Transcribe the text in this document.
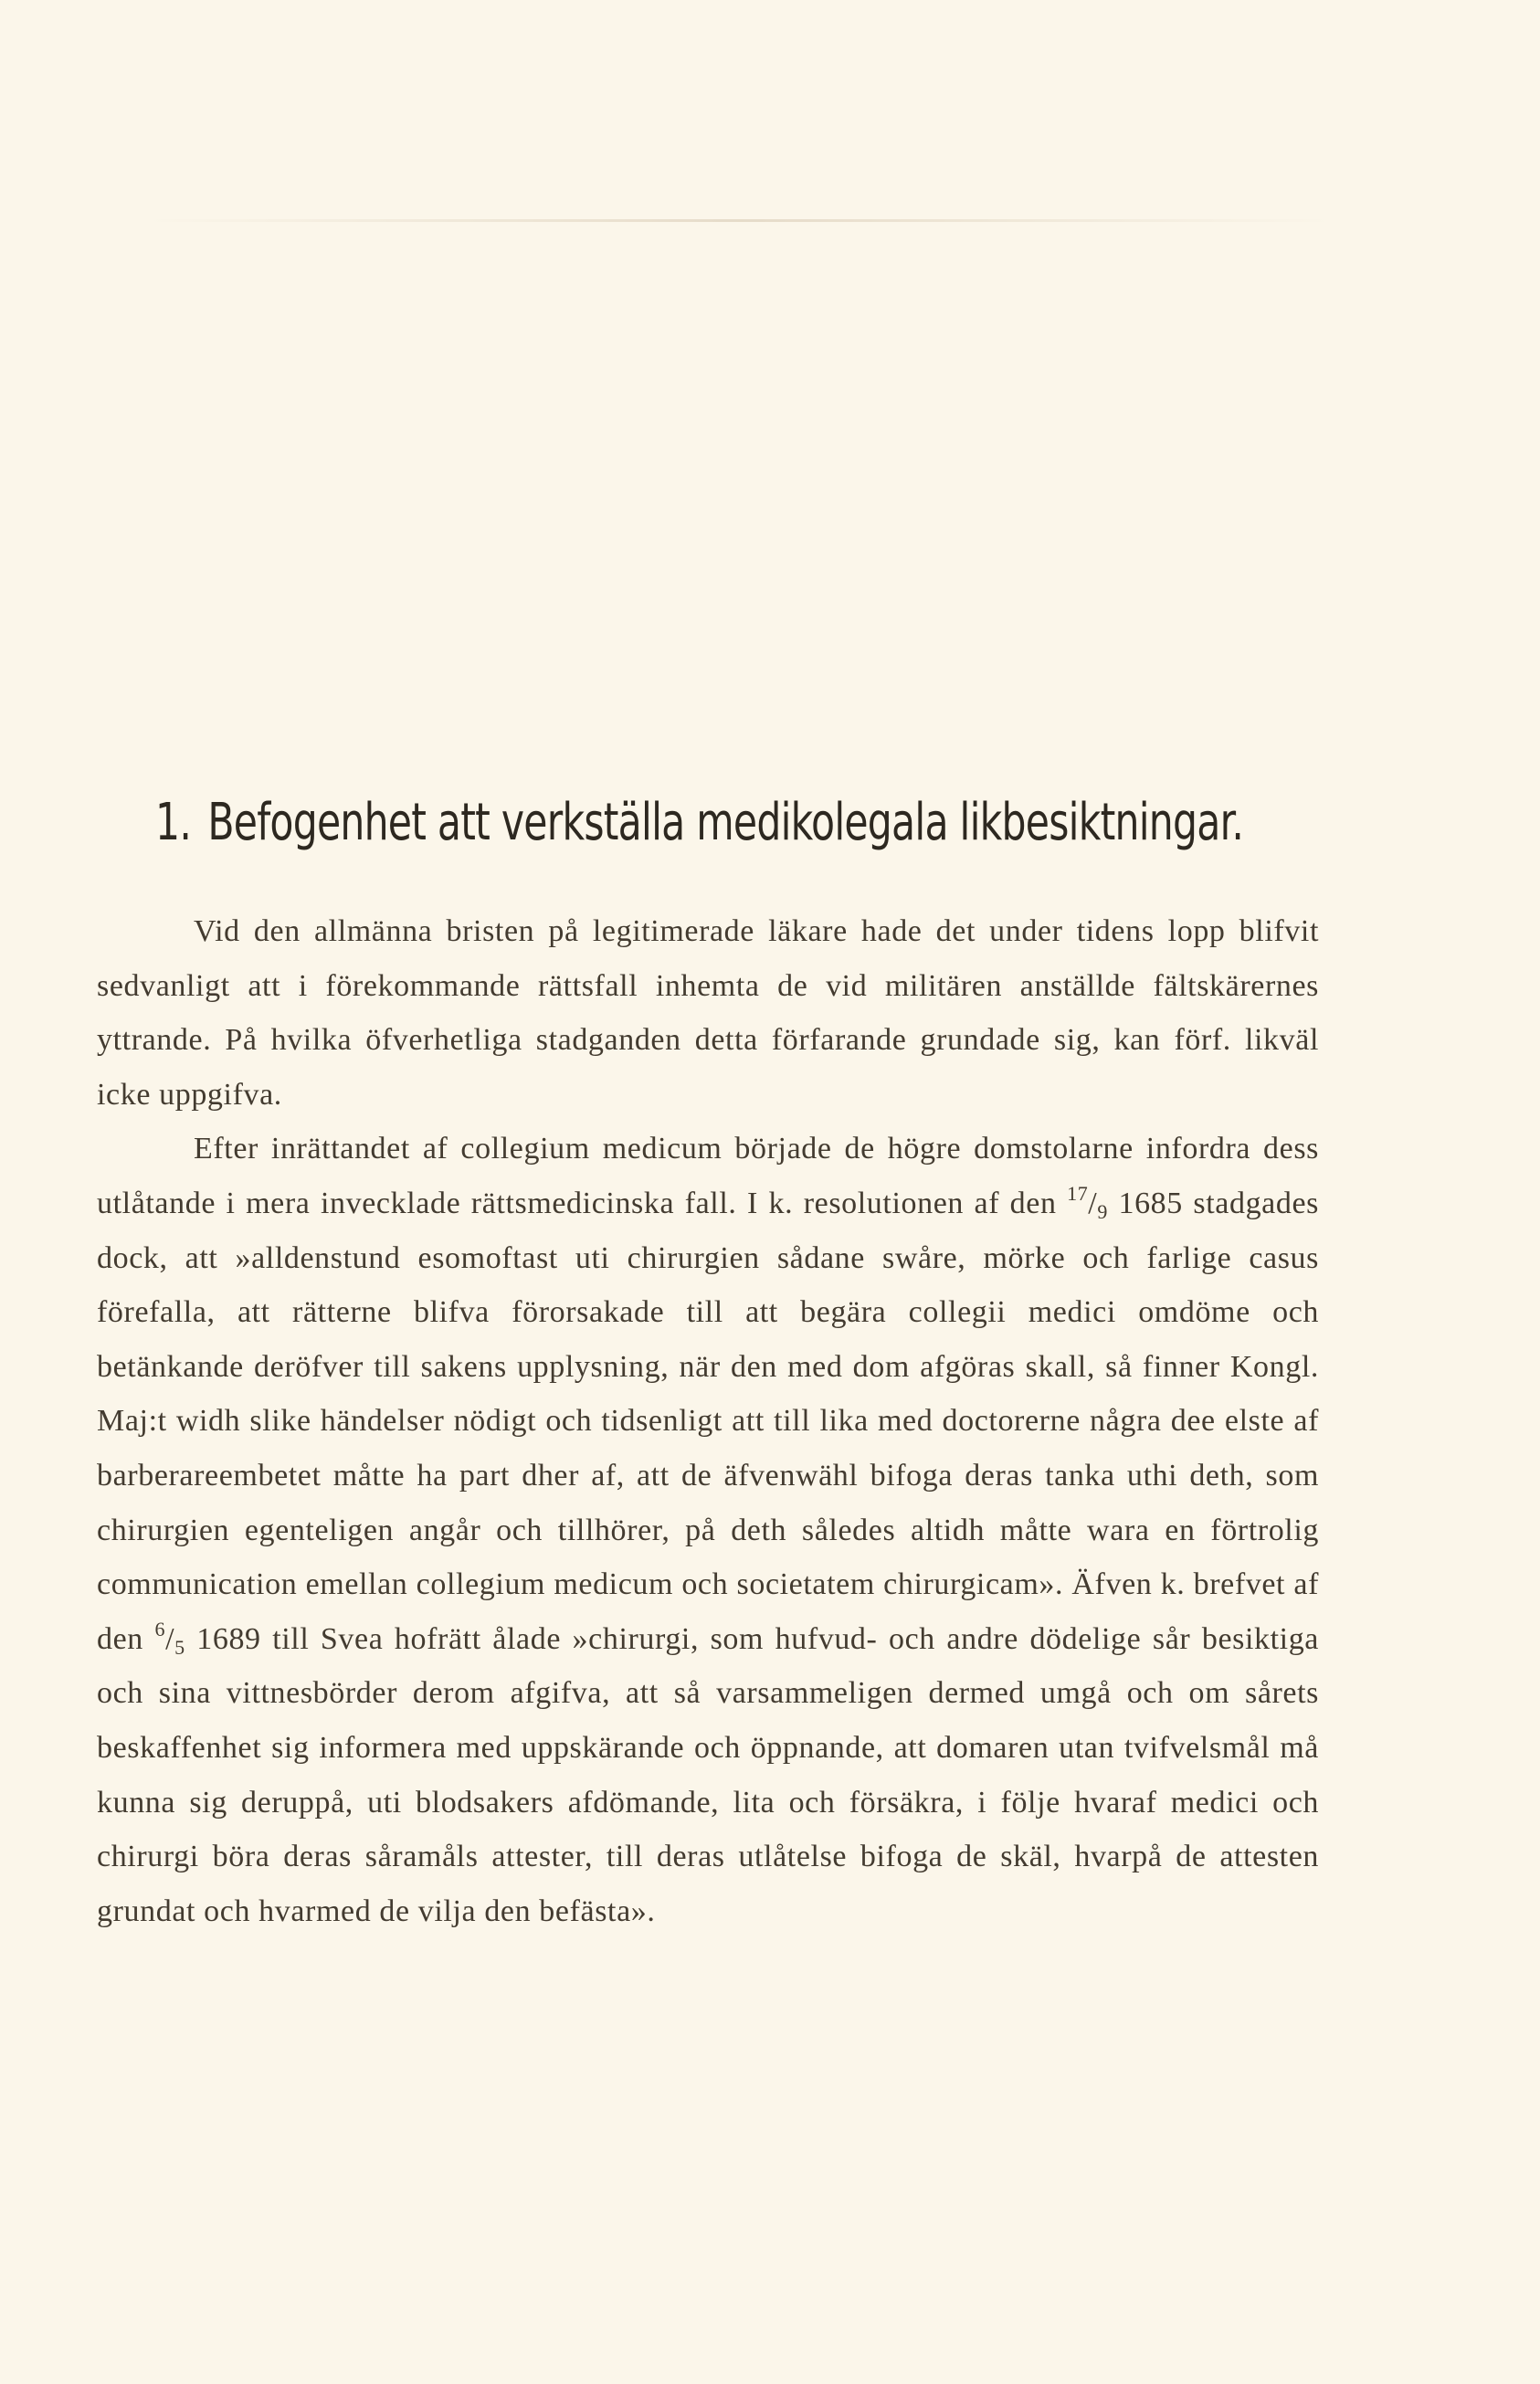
1. Befogenhet att verkställa medikolegala likbesiktningar.

Vid den allmänna bristen på legitimerade läkare hade det under tidens lopp blifvit sedvanligt att i förekommande rättsfall inhemta de vid militären anställde fältskärernes yttrande. På hvilka öfverhetliga stadganden detta förfarande grundade sig, kan förf. likväl icke uppgifva.

Efter inrättandet af collegium medicum började de högre domstolarne infordra dess utlåtande i mera invecklade rättsmedicinska fall. I k. resolutionen af den $^{17}/_9$ 1685 stadgades dock, att »alldenstund esomoftast uti chirurgien sådane swåre, mörke och farlige casus förefalla, att rätterne blifva förorsakade till att begära collegii medici omdöme och betänkande deröfver till sakens upplysning, när den med dom afgöras skall, så finner Kongl. Maj:t widh slike händelser nödigt och tidsenligt att till lika med doctorerne några dee elste af barberareembetet måtte ha part dher af, att de äfvenwähl bifoga deras tanka uthi deth, som chirurgien egenteligen angår och tillhörer, på deth således altidh måtte wara en förtrolig communication emellan collegium medicum och societatem chirurgicam». Äfven k. brefvet af den $^6/_5$ 1689 till Svea hofrätt ålade »chirurgi, som hufvud- och andre dödelige sår besiktiga och sina vittnesbörder derom afgifva, att så varsammeligen dermed umgå och om sårets beskaffenhet sig informera med uppskärande och öppnande, att domaren utan tvifvelsmål må kunna sig deruppå, uti blodsakers afdömande, lita och försäkra, i följe hvaraf medici och chirurgi böra deras såramåls attester, till deras utlåtelse bifoga de skäl, hvarpå de attesten grundat och hvarmed de vilja den befästa».
